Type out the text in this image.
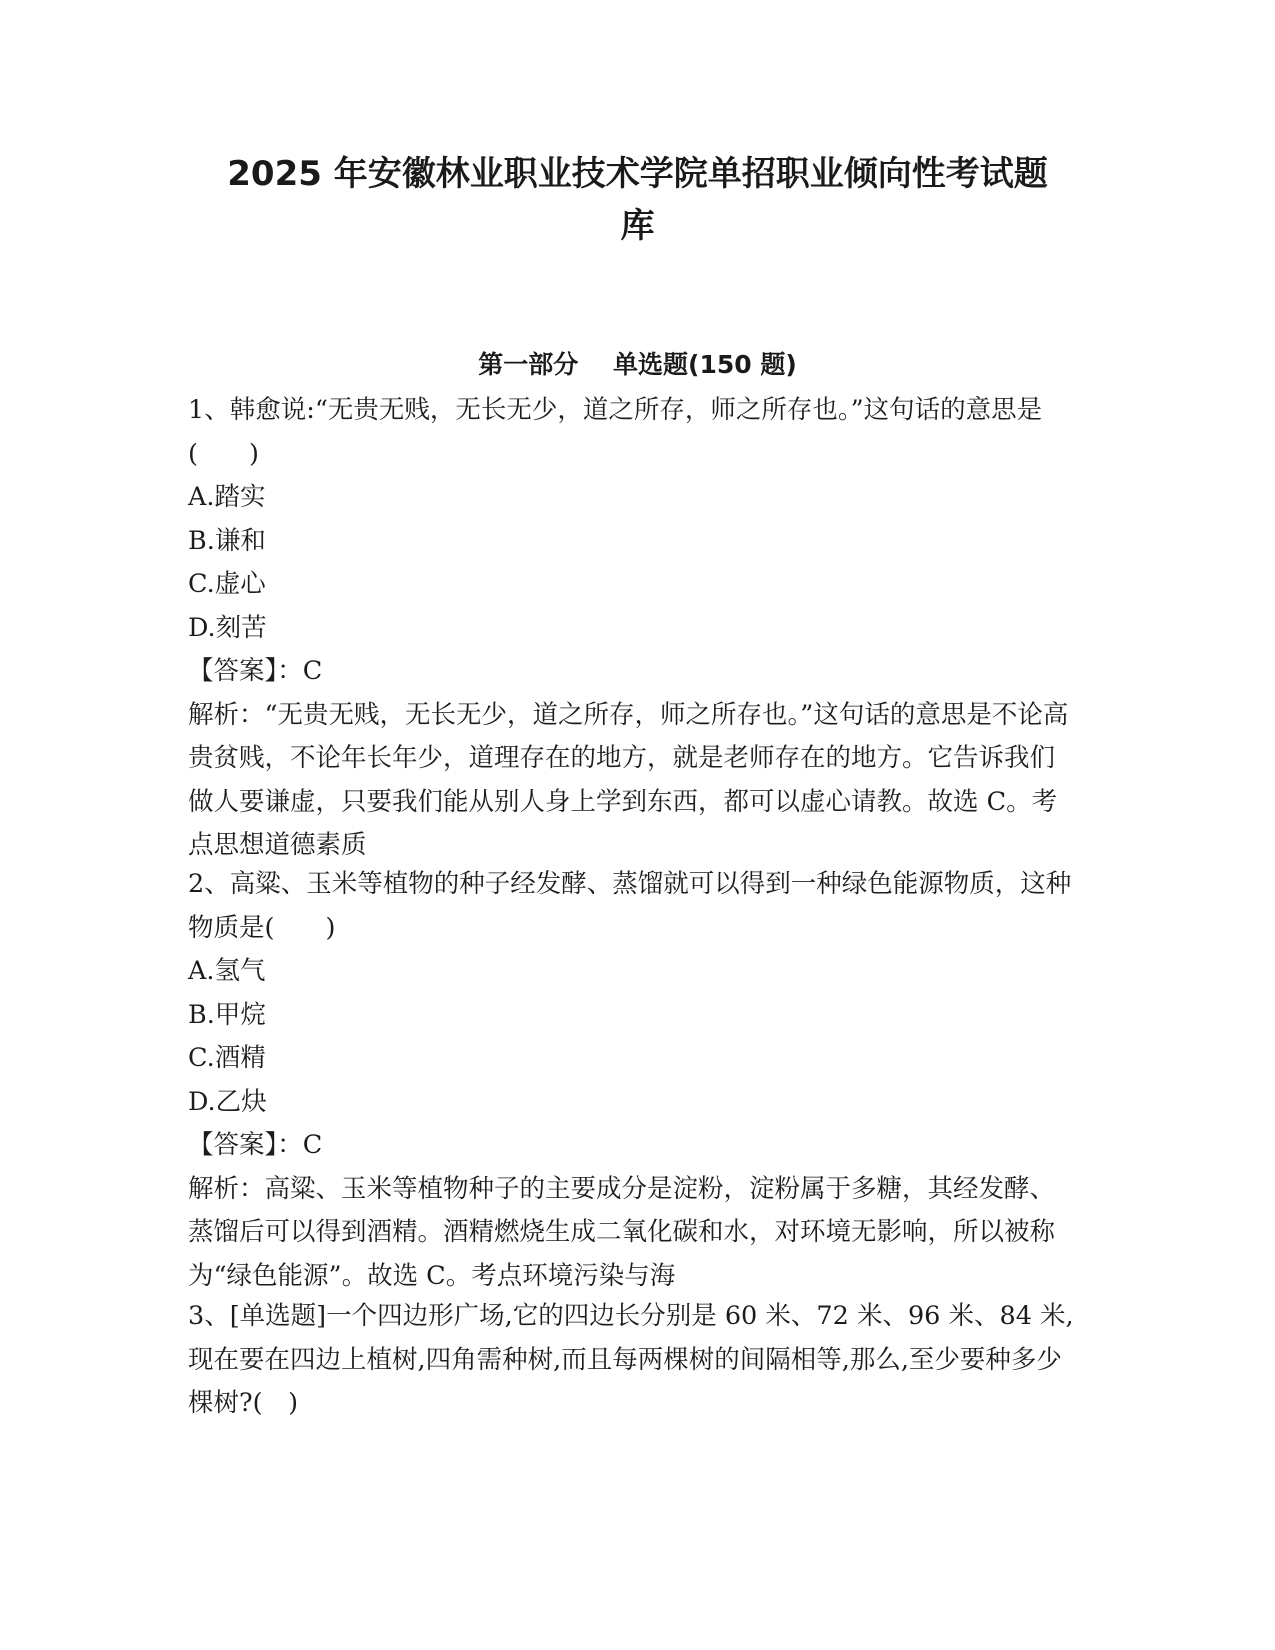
2025 年安徽林业职业技术学院单招职业倾向性考试题
库
第一部分    单选题(150 题)

1、韩愈说:“无贵无贱，无长无少，道之所存，师之所存也。”这句话的意思是(　　)

A.踏实
B.谦和
C.虚心
D.刻苦
【答案】：C

解析：“无贵无贱，无长无少，道之所存，师之所存也。”这句话的意思是不论高贵贫贱，不论年长年少，道理存在的地方，就是老师存在的地方。它告诉我们做人要谦虚，只要我们能从别人身上学到东西，都可以虚心请教。故选 C。考点思想道德素质

2、高粱、玉米等植物的种子经发酵、蒸馏就可以得到一种绿色能源物质，这种物质是(　　)

A.氢气
B.甲烷
C.酒精
D.乙炔
【答案】：C

解析：高粱、玉米等植物种子的主要成分是淀粉，淀粉属于多糖，其经发酵、蒸馏后可以得到酒精。酒精燃烧生成二氧化碳和水，对环境无影响，所以被称为“绿色能源”。故选 C。考点环境污染与海

3、[单选题]一个四边形广场,它的四边长分别是 60 米、72 米、96 米、84 米,现在要在四边上植树,四角需种树,而且每两棵树的间隔相等,那么,至少要种多少棵树?(　)
